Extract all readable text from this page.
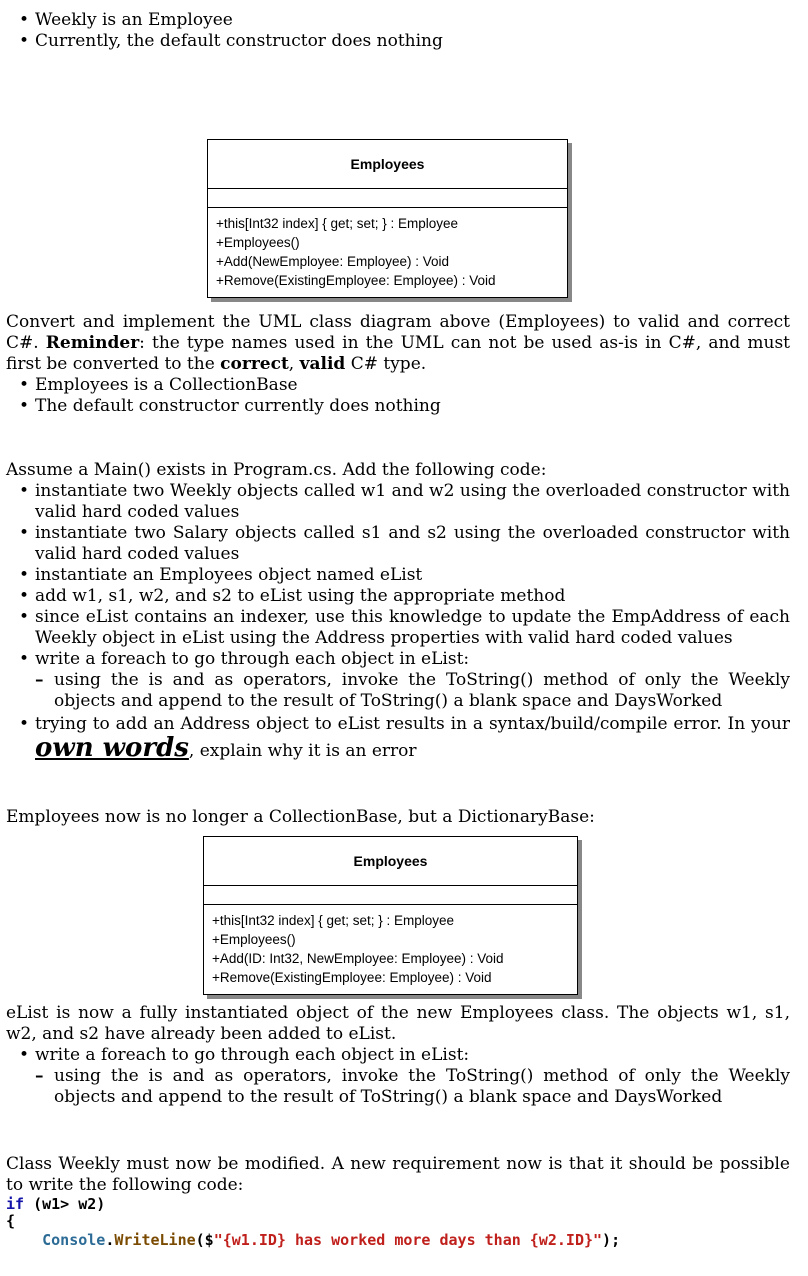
• Weekly is an Employee
• Currently, the default constructor does nothing
Employees
+this[Int32 index] { get; set; } : Employee
+Employees()
+Add(NewEmployee: Employee) : Void
+Remove(ExistingEmployee: Employee) : Void

Convert and implement the UML class diagram above (Employees) to valid and correct C#. Reminder: the type names used in the UML can not be used as-is in C#, and must first be converted to the correct, valid C# type.

• Employees is a CollectionBase
• The default constructor currently does nothing

Assume a Main() exists in Program.cs. Add the following code:

• instantiate two Weekly objects called w1 and w2 using the overloaded constructor with valid hard coded values
• instantiate two Salary objects called s1 and s2 using the overloaded constructor with valid hard coded values
• instantiate an Employees object named eList
• add w1, s1, w2, and s2 to eList using the appropriate method
• since eList contains an indexer, use this knowledge to update the EmpAddress of each Weekly object in eList using the Address properties with valid hard coded values
• write a foreach to go through each object in eList:
– using the is and as operators, invoke the ToString() method of only the Weekly objects and append to the result of ToString() a blank space and DaysWorked
• trying to add an Address object to eList results in a syntax/build/compile error. In your own words, explain why it is an error

Employees now is no longer a CollectionBase, but a DictionaryBase:

Employees
+this[Int32 index] { get; set; } : Employee
+Employees()
+Add(ID: Int32, NewEmployee: Employee) : Void
+Remove(ExistingEmployee: Employee) : Void

eList is now a fully instantiated object of the new Employees class. The objects w1, s1, w2, and s2 have already been added to eList.

• write a foreach to go through each object in eList:
– using the is and as operators, invoke the ToString() method of only the Weekly objects and append to the result of ToString() a blank space and DaysWorked

Class Weekly must now be modified. A new requirement now is that it should be possible to write the following code:

if (w1> w2)
{
Console.WriteLine($"{w1.ID} has worked more days than {w2.ID}");
